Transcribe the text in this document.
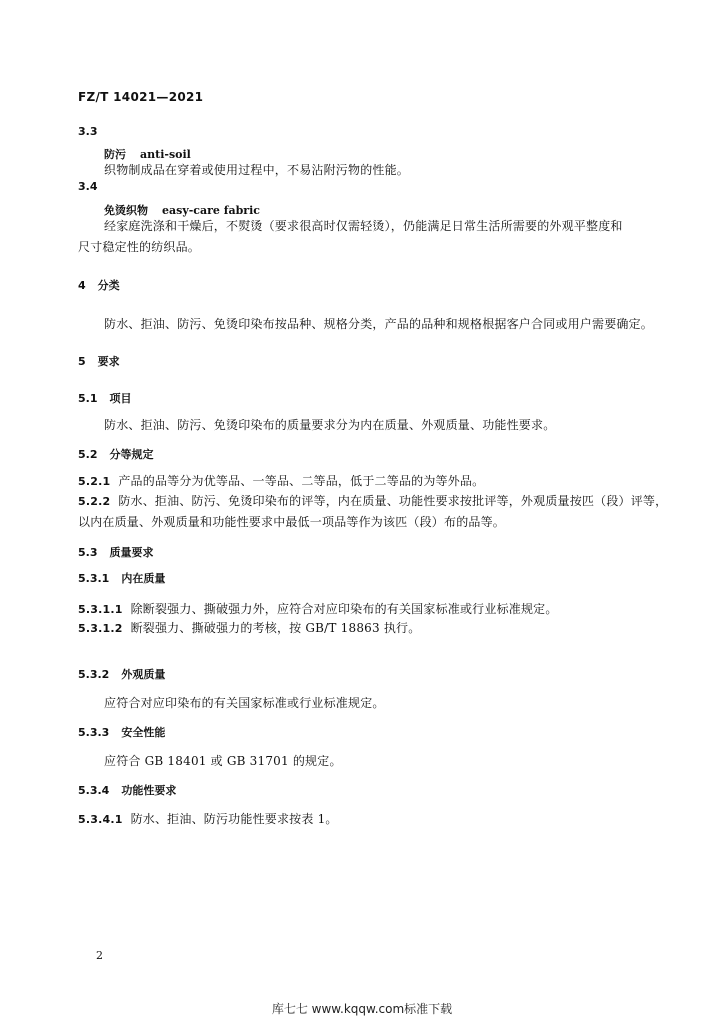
FZ/T 14021—2021
3.3
防污 anti-soil
织物制成品在穿着或使用过程中，不易沾附污物的性能。
3.4
免烫织物 easy-care fabric
经家庭洗涤和干燥后，不熨烫（要求很高时仅需轻烫），仍能满足日常生活所需要的外观平整度和
尺寸稳定性的纺织品。
4 分类
防水、拒油、防污、免烫印染布按品种、规格分类，产品的品种和规格根据客户合同或用户需要确定。
5 要求
5.1 项目
防水、拒油、防污、免烫印染布的质量要求分为内在质量、外观质量、功能性要求。
5.2 分等规定
5.2.1 产品的品等分为优等品、一等品、二等品，低于二等品的为等外品。
5.2.2 防水、拒油、防污、免烫印染布的评等，内在质量、功能性要求按批评等，外观质量按匹（段）评等，
以内在质量、外观质量和功能性要求中最低一项品等作为该匹（段）布的品等。
5.3 质量要求
5.3.1 内在质量
5.3.1.1 除断裂强力、撕破强力外，应符合对应印染布的有关国家标准或行业标准规定。
5.3.1.2 断裂强力、撕破强力的考核，按 GB/T 18863 执行。
5.3.2 外观质量
应符合对应印染布的有关国家标准或行业标准规定。
5.3.3 安全性能
应符合 GB 18401 或 GB 31701 的规定。
5.3.4 功能性要求
5.3.4.1 防水、拒油、防污功能性要求按表 1。
2
库七七 www.kqqw.com标准下载
